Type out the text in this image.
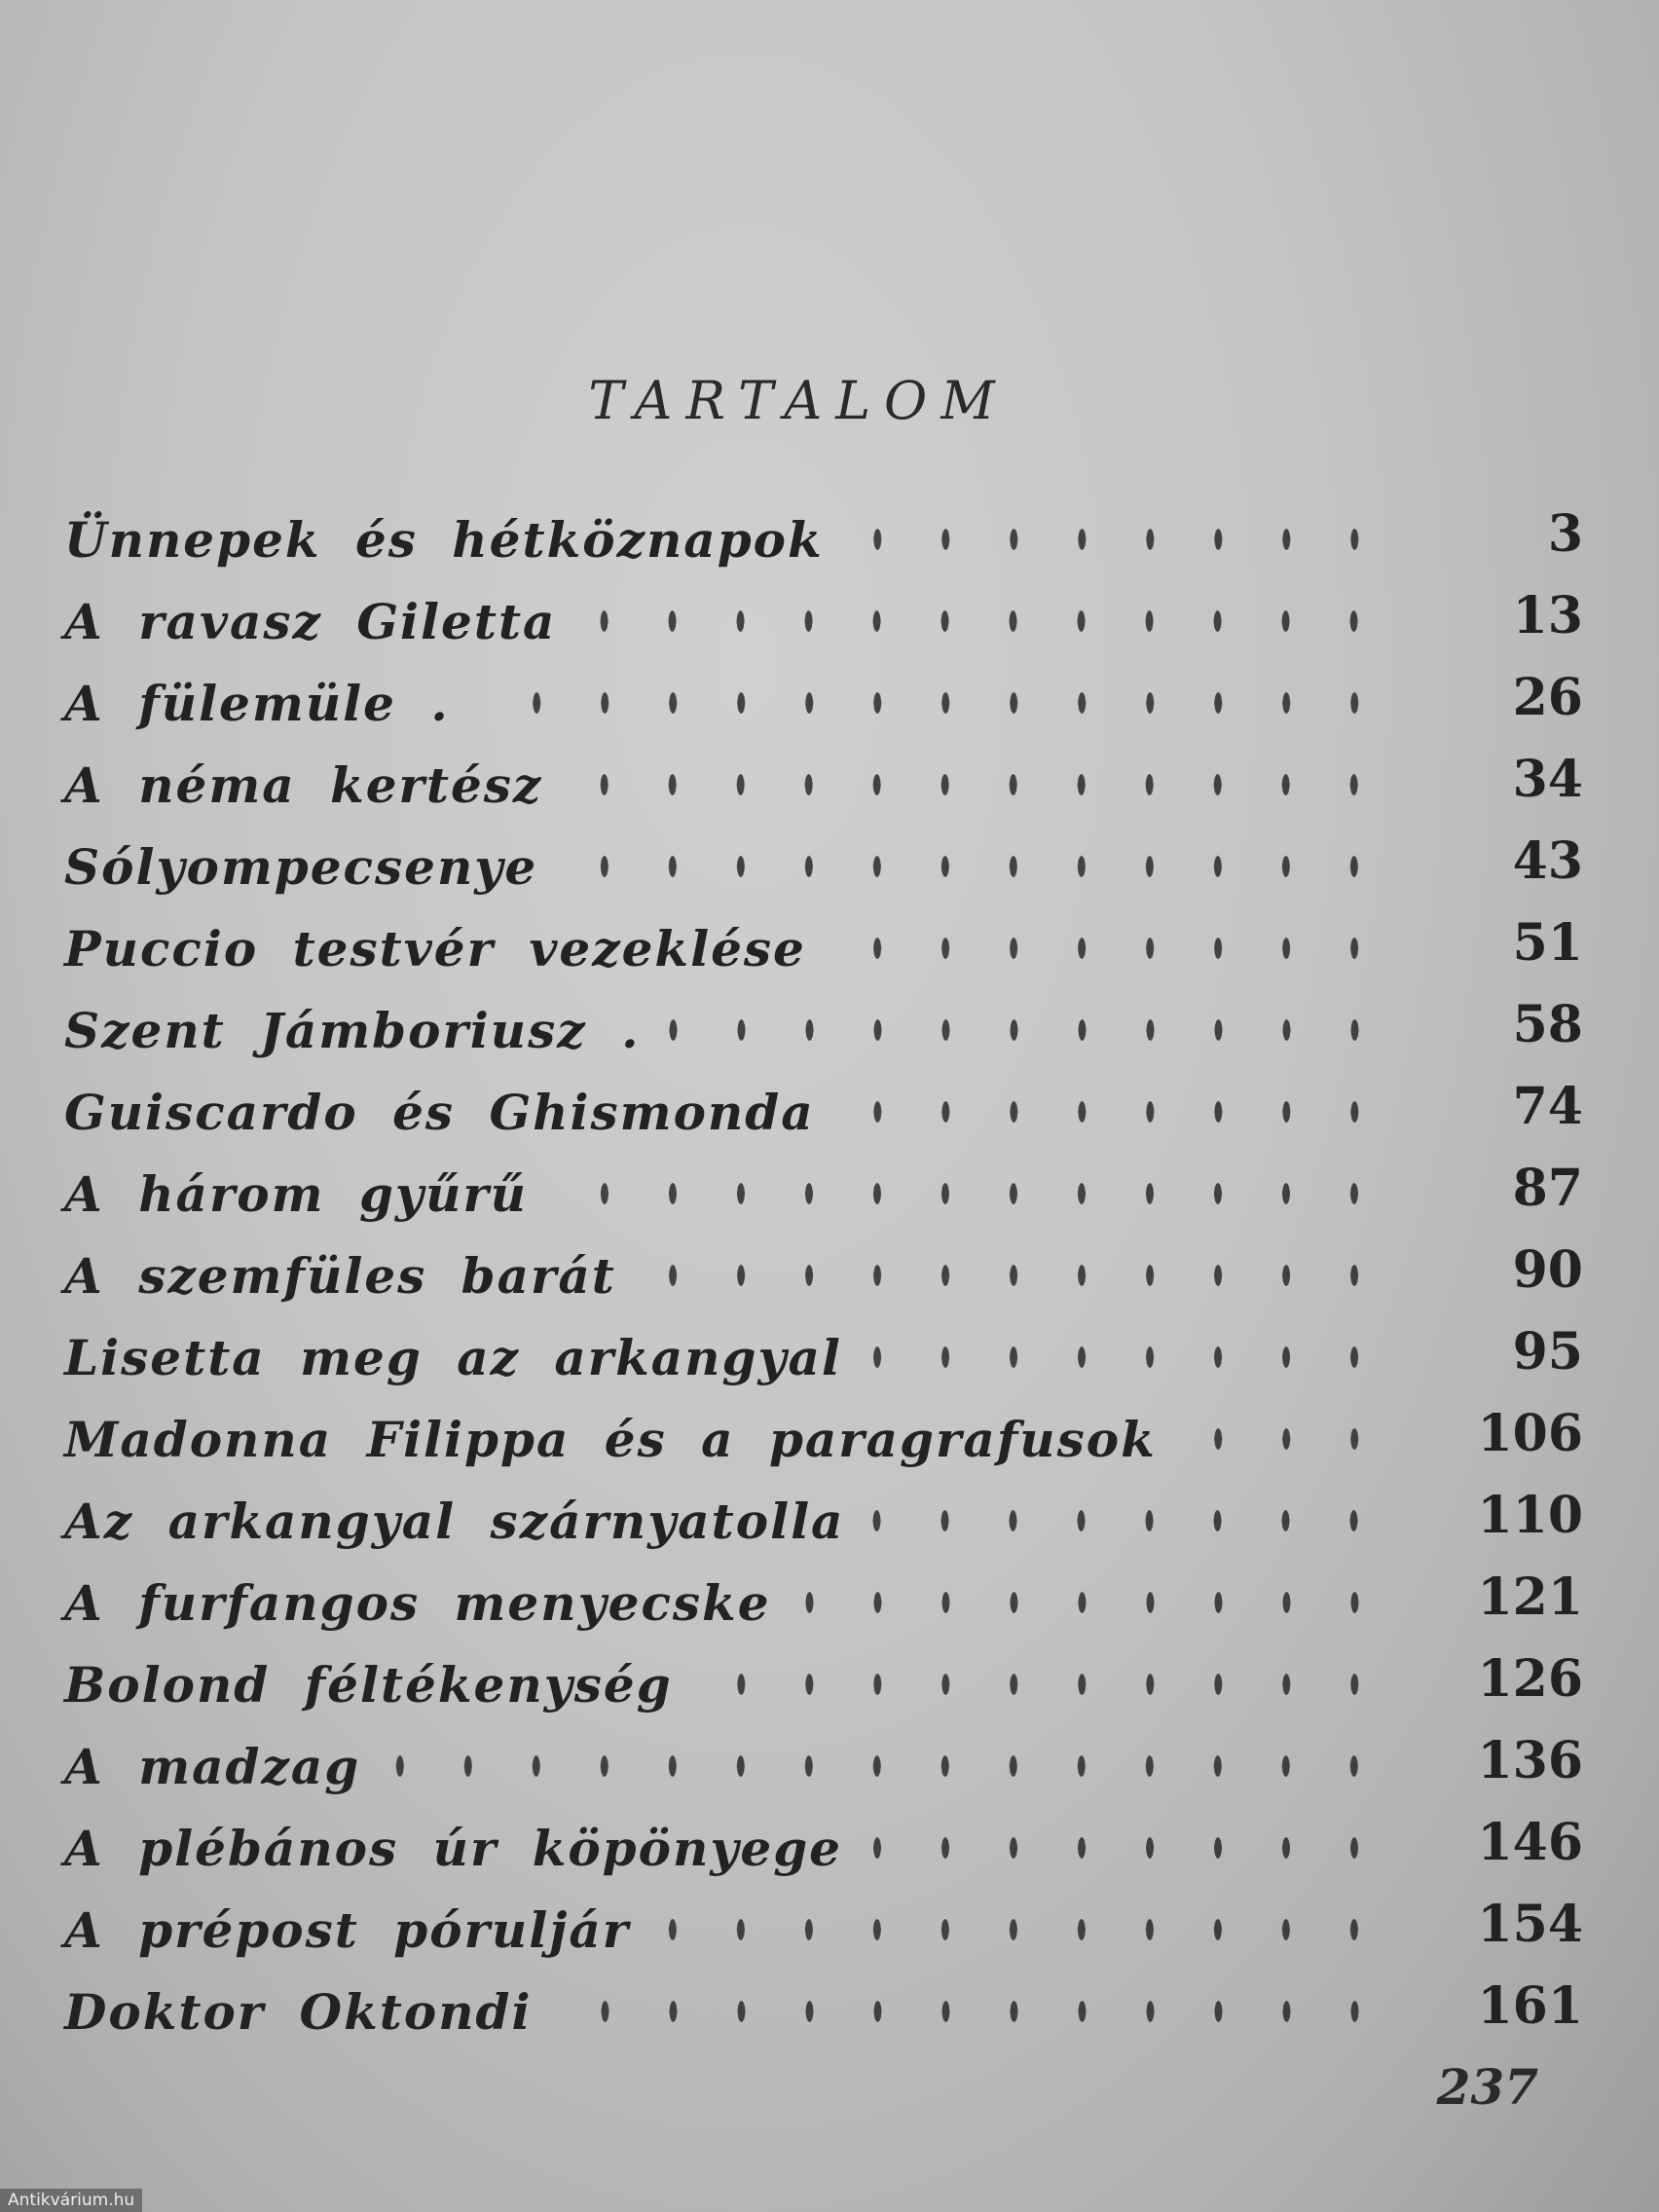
TARTALOM
Ünnepek és hétköznapok	3
A ravasz Giletta	13
A fülemüle .	26
A néma kertész	34
Sólyompecsenye	43
Puccio testvér vezeklése	51
Szent Jámboriusz .	58
Guiscardo és Ghismonda	74
A három gyűrű	87
A szemfüles barát	90
Lisetta meg az arkangyal	95
Madonna Filippa és a paragrafusok	106
Az arkangyal szárnyatolla	110
A furfangos menyecske	121
Bolond féltékenység	126
A madzag	136
A plébános úr köpönyege	146
A prépost póruljár	154
Doktor Oktondi	161
237
Antikvárium.hu
